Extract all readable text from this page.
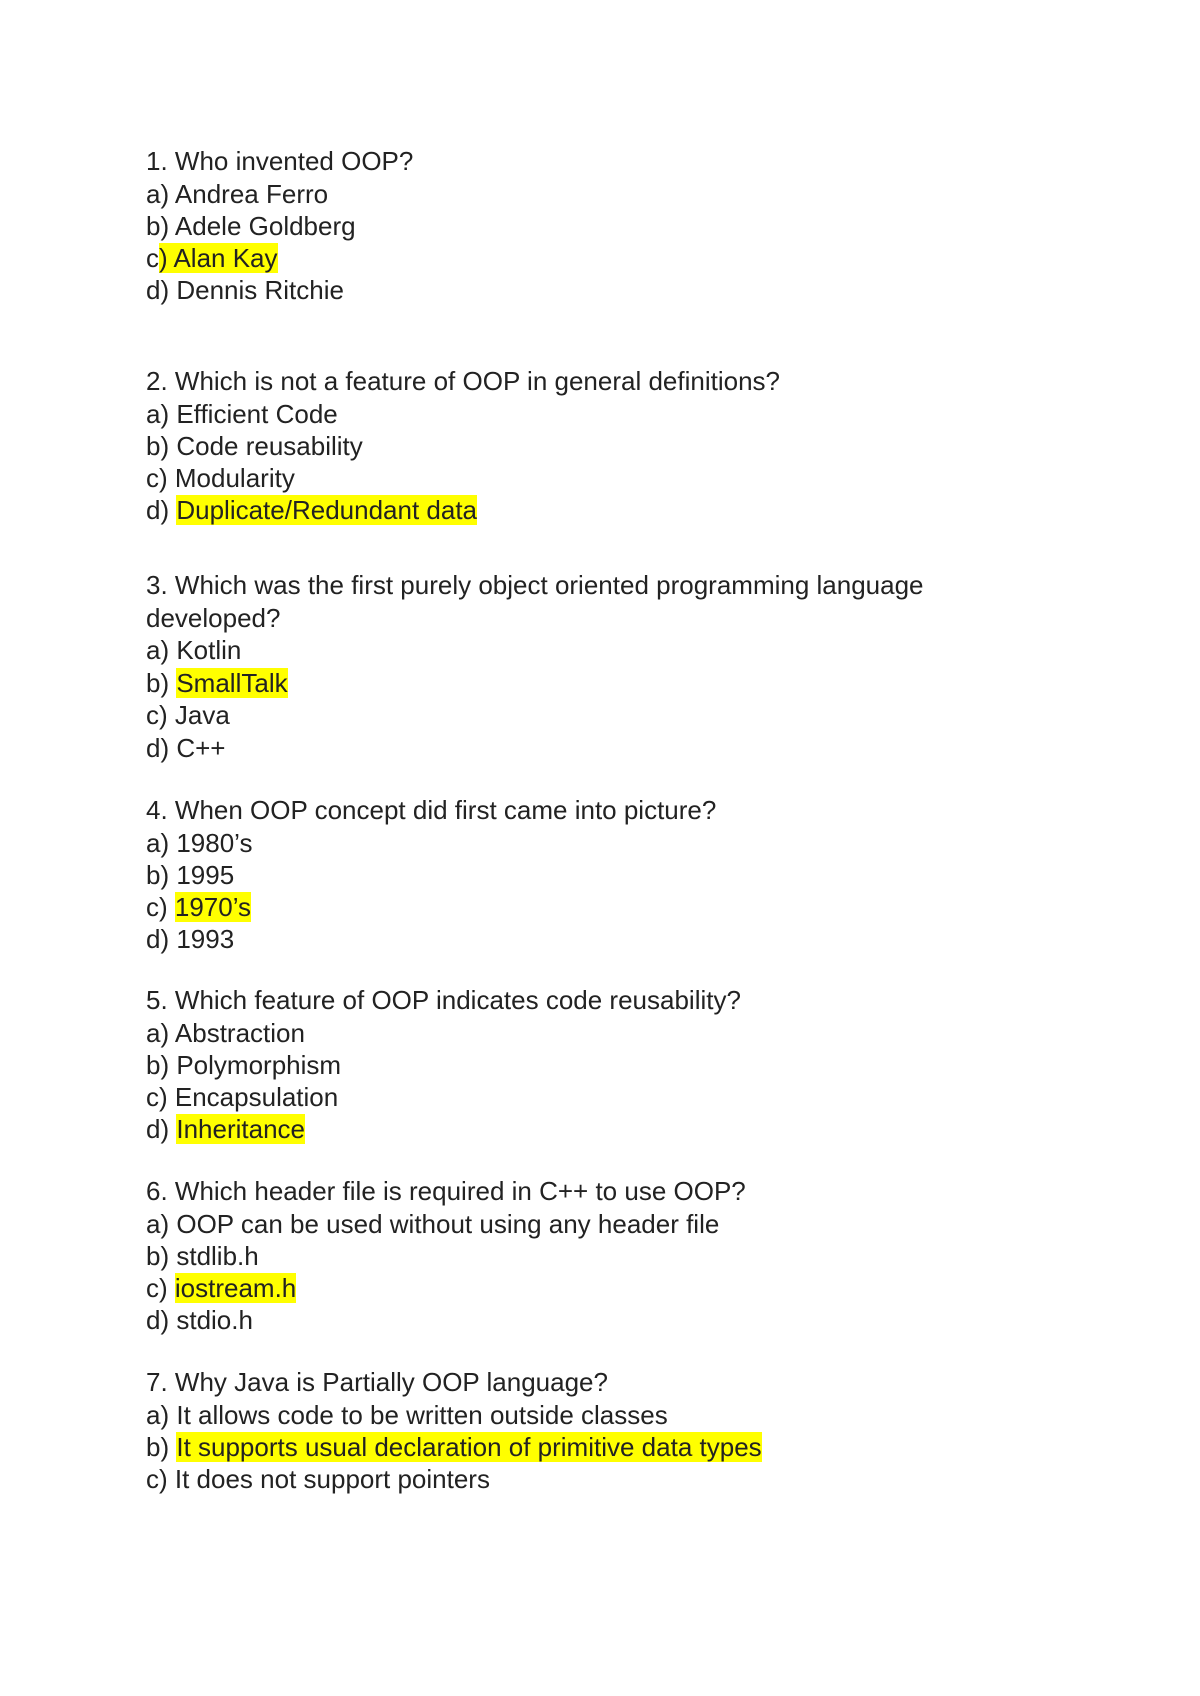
1. Who invented OOP?
a) Andrea Ferro
b) Adele Goldberg
c) Alan Kay
d) Dennis Ritchie
2. Which is not a feature of OOP in general definitions?
a) Efficient Code
b) Code reusability
c) Modularity
d) Duplicate/Redundant data
3. Which was the first purely object oriented programming language
developed?
a) Kotlin
b) SmallTalk
c) Java
d) C++
4. When OOP concept did first came into picture?
a) 1980’s
b) 1995
c) 1970’s
d) 1993
5. Which feature of OOP indicates code reusability?
a) Abstraction
b) Polymorphism
c) Encapsulation
d) Inheritance
6. Which header file is required in C++ to use OOP?
a) OOP can be used without using any header file
b) stdlib.h
c) iostream.h
d) stdio.h
7. Why Java is Partially OOP language?
a) It allows code to be written outside classes
b) It supports usual declaration of primitive data types
c) It does not support pointers
